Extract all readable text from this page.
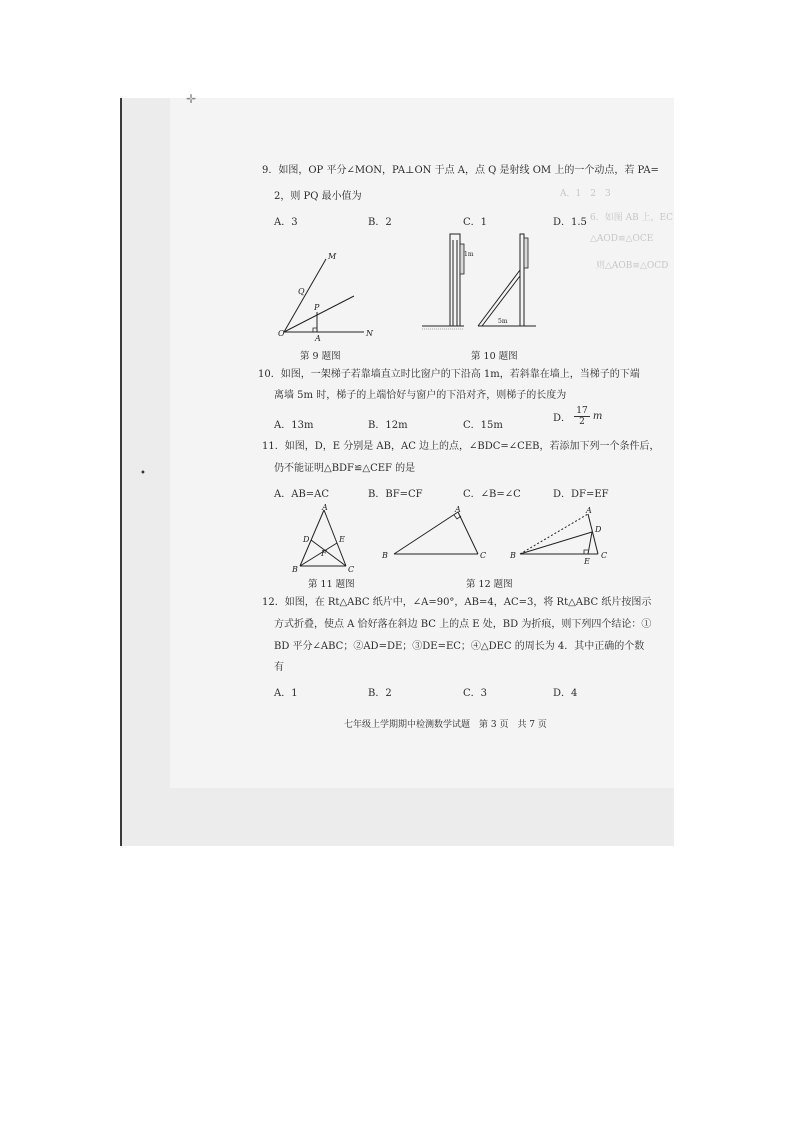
✛
•
A．1　2　3
6．如图 AB 上，EC
△AOD≌△OCE
则△AOB≌△OCD
9．如图，OP 平分∠MON，PA⊥ON 于点 A，点 Q 是射线 OM 上的一个动点，若 PA=
2，则 PQ 最小值为
A．3	B．2	C．1	D．1.5
M
Q
P
O
A
N
第 9 题图
1m
5m
第 10 题图
10．如图，一架梯子若靠墙直立时比窗户的下沿高 1m，若斜靠在墙上，当梯子的下端
离墙 5m 时，梯子的上端恰好与窗户的下沿对齐，则梯子的长度为
A．13m	B．12m	C．15m
D． $\frac{17}{2}$ m
11．如图，D，E 分别是 AB，AC 边上的点，∠BDC=∠CEB，若添加下列一个条件后，
仍不能证明△BDF≌△CEF 的是
A．AB=AC	B．BF=CF	C．∠B=∠C	D．DF=EF
A
D	E
F
B	C
第 11 题图
A
B	C
A
D
B
E
C
第 12 题图
12．如图，在 Rt△ABC 纸片中，∠A=90°，AB=4，AC=3，将 Rt△ABC 纸片按图示
方式折叠，使点 A 恰好落在斜边 BC 上的点 E 处，BD 为折痕，则下列四个结论：①
BD 平分∠ABC；②AD=DE；③DE=EC；④△DEC 的周长为 4．其中正确的个数
有
A．1	B．2	C．3	D．4
七年级上学期期中检测数学试题　第 3 页　共 7 页
